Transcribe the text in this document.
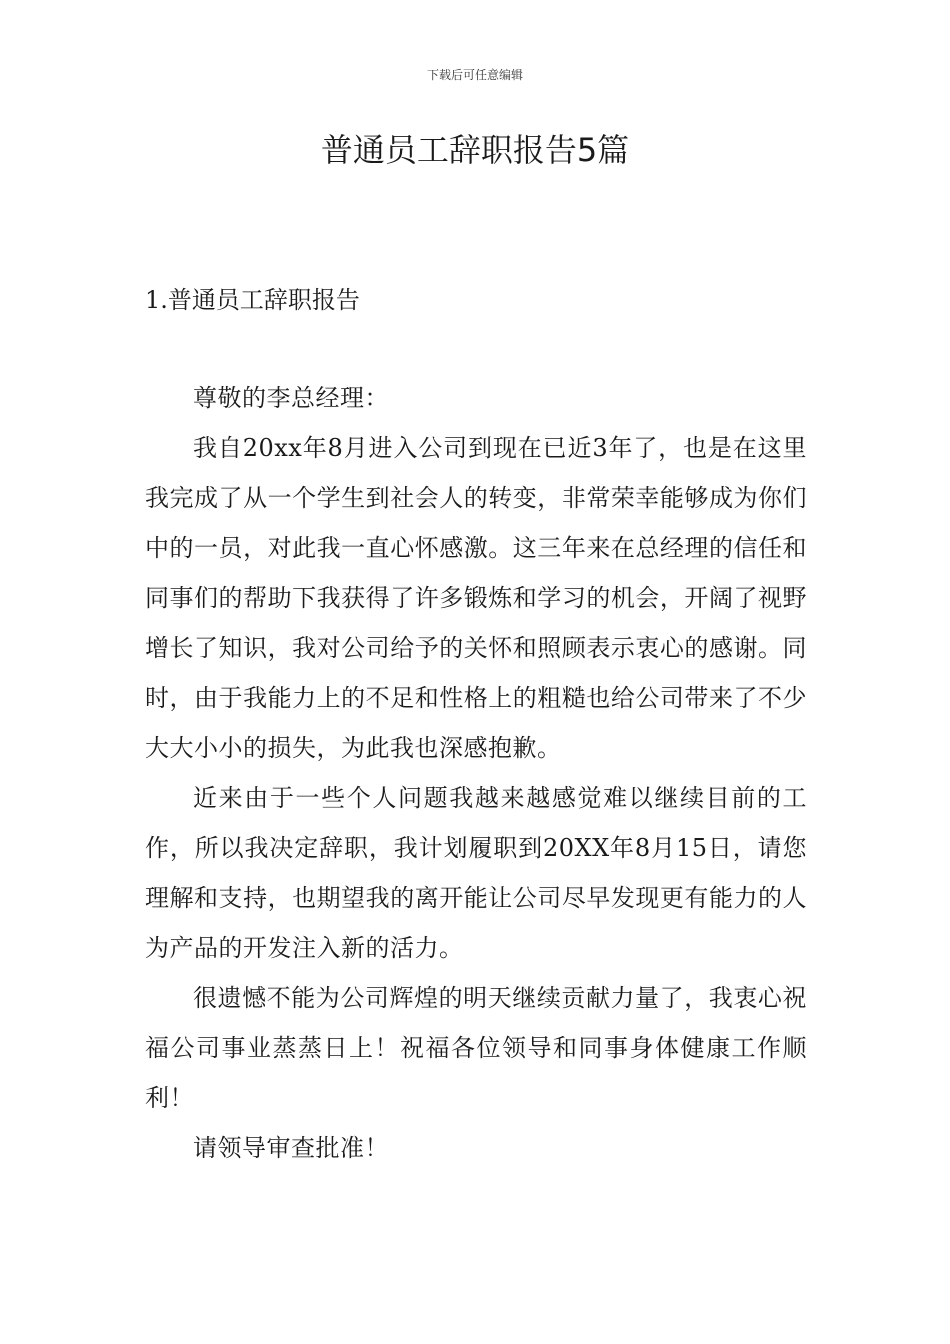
下载后可任意编辑
普通员工辞职报告5篇
1.普通员工辞职报告

尊敬的李总经理：

我自20xx年8月进入公司到现在已近3年了，也是在这里我完成了从一个学生到社会人的转变，非常荣幸能够成为你们中的一员，对此我一直心怀感激。这三年来在总经理的信任和同事们的帮助下我获得了许多锻炼和学习的机会，开阔了视野增长了知识，我对公司给予的关怀和照顾表示衷心的感谢。同时，由于我能力上的不足和性格上的粗糙也给公司带来了不少大大小小的损失，为此我也深感抱歉。

近来由于一些个人问题我越来越感觉难以继续目前的工作，所以我决定辞职，我计划履职到20XX年8月15日，请您理解和支持，也期望我的离开能让公司尽早发现更有能力的人为产品的开发注入新的活力。

很遗憾不能为公司辉煌的明天继续贡献力量了，我衷心祝福公司事业蒸蒸日上！祝福各位领导和同事身体健康工作顺利！

请领导审查批准！
